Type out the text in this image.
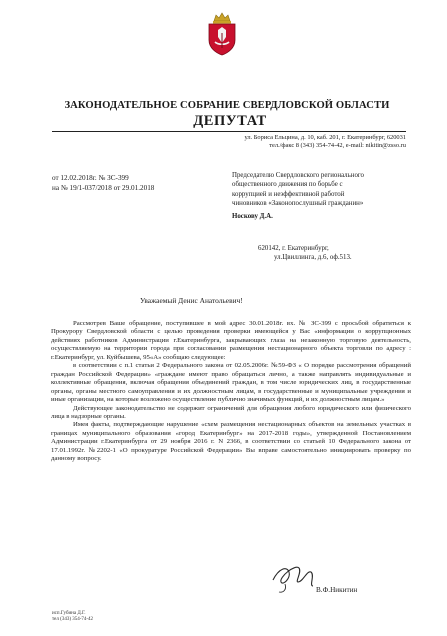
ЗАКОНОДАТЕЛЬНОЕ СОБРАНИЕ СВЕРДЛОВСКОЙ ОБЛАСТИ
ДЕПУТАТ
ул. Бориса Ельцина, д. 10, каб. 201, г. Екатеринбург, 620031
тел./факс 8 (343) 354-74-42, e-mail: nikitin@zsso.ru
от 12.02.2018г. № ЗС-399
на № 19/1-037/2018 от 29.01.2018
Председателю Свердловского регионального
общественного движения по борьбе с
коррупцией и неэффективной работой
чиновников «Законопослушный гражданин»
Носкову Д.А.
620142, г. Екатеринбург,
ул.Цвиллинга, д.6, оф.513.
Уважаемый Денис Анатольевич!

Рассмотрев Ваше обращение, поступившее в мой адрес 30.01.2018г. вх. № ЗС-399 с просьбой обратиться к Прокурору Свердловской области с целью проведения проверки имеющейся у Вас «информации о коррупционных действиях работников Администрации г.Екатеринбурга, закрывающих глаза на незаконную торговую деятельность, осуществляемую на территории города при согласовании размещения нестационарного объекта торговли по адресу : г.Екатеринбург, ул. Куйбышева, 95«А» сообщаю следующее:

в соответствии с п.1 статьи 2 Федерального закона от 02.05.2006г. №59-ФЗ « О порядке рассмотрения обращений граждан Российской Федерации» «граждане имеют право обращаться лично, а также направлять индивидуальные и коллективные обращения, включая обращения объединений граждан, в том числе юридических лиц, в государственные органы, органы местного самоуправления и их должностным лицам, в государственные и муниципальные учреждения и иные организации, на которые возложено осуществление публично значимых функций, и их должностным лицам.»

Действующее законодательство не содержит ограничений для обращения любого юридического или физического лица в надзорные органы.

Имея факты, подтверждающие нарушение «схем размещения нестационарных объектов на земельных участках в границах муниципального образования «город Екатеринбург» на 2017-2018 годы», утвержденной Постановлением Администрации г.Екатеринбурга от 29 ноября 2016 г. N 2366, в соответствии со статьей 10 Федерального закона от 17.01.1992г. №2202-1 «О прокуратуре Российской Федерации» Вы вправе самостоятельно инициировать проверку по данному вопросу.

В.Ф.Никитин
исп.Губина Д.Г.
тел (343) 354-74-42
